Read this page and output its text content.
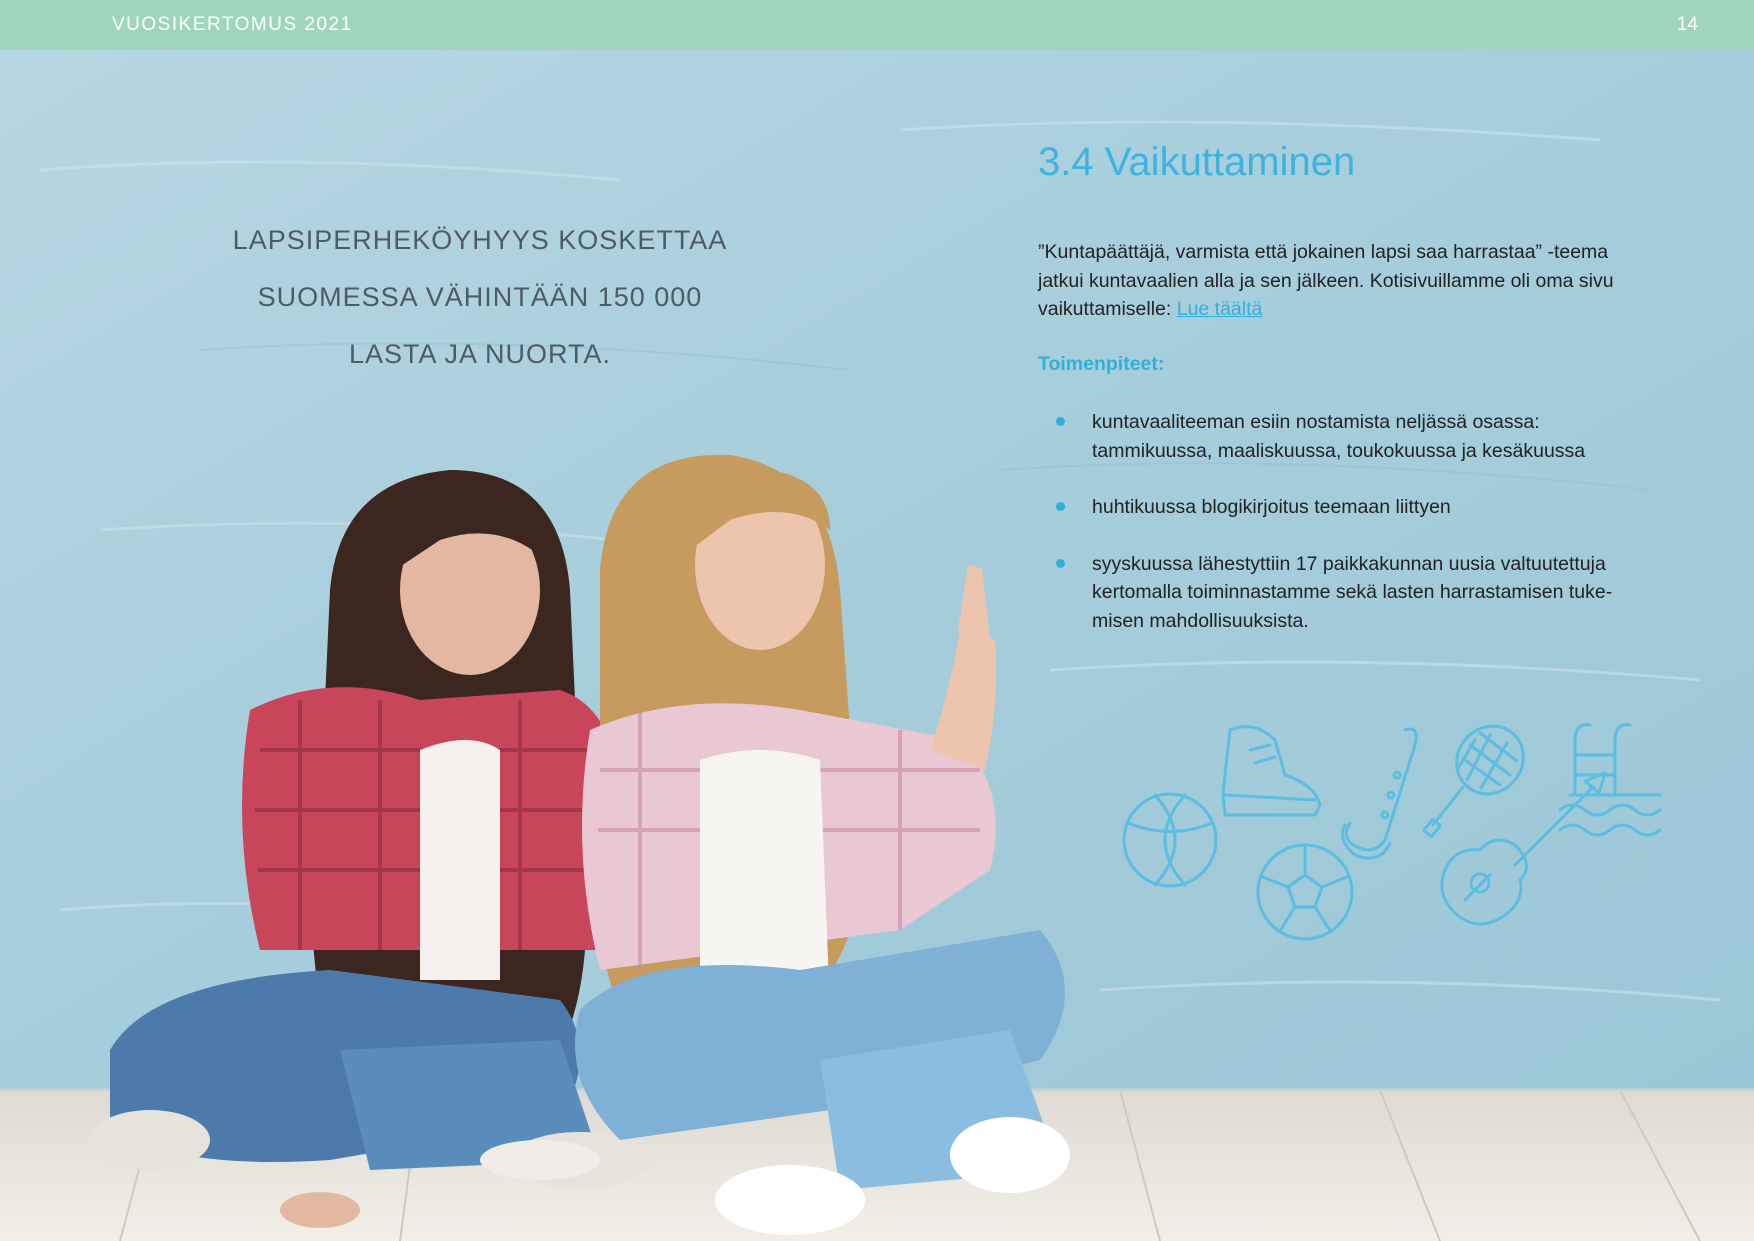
VUOSIKERTOMUS 2021	14
LAPSIPERHEKÖYHYYS KOSKETTAA
SUOMESSA VÄHINTÄÄN 150 000
LASTA JA NUORTA.
3.4 Vaikuttaminen
”Kuntapäättäjä, varmista että jokainen lapsi saa harrastaa” -teema jatkui kuntavaalien alla ja sen jälkeen. Kotisivuillamme oli oma sivu vaikuttamiselle: Lue täältä
Toimenpiteet:
kuntavaaliteeman esiin nostamista neljässä osassa: tammikuussa, maaliskuussa, toukokuussa ja kesäkuussa
huhtikuussa blogikirjoitus teemaan liittyen
syyskuussa lähestyttiin 17 paikkakunnan uusia valtuutettuja kertomalla toiminnastamme sekä lasten harrastamisen tuke-misen mahdollisuuksista.
